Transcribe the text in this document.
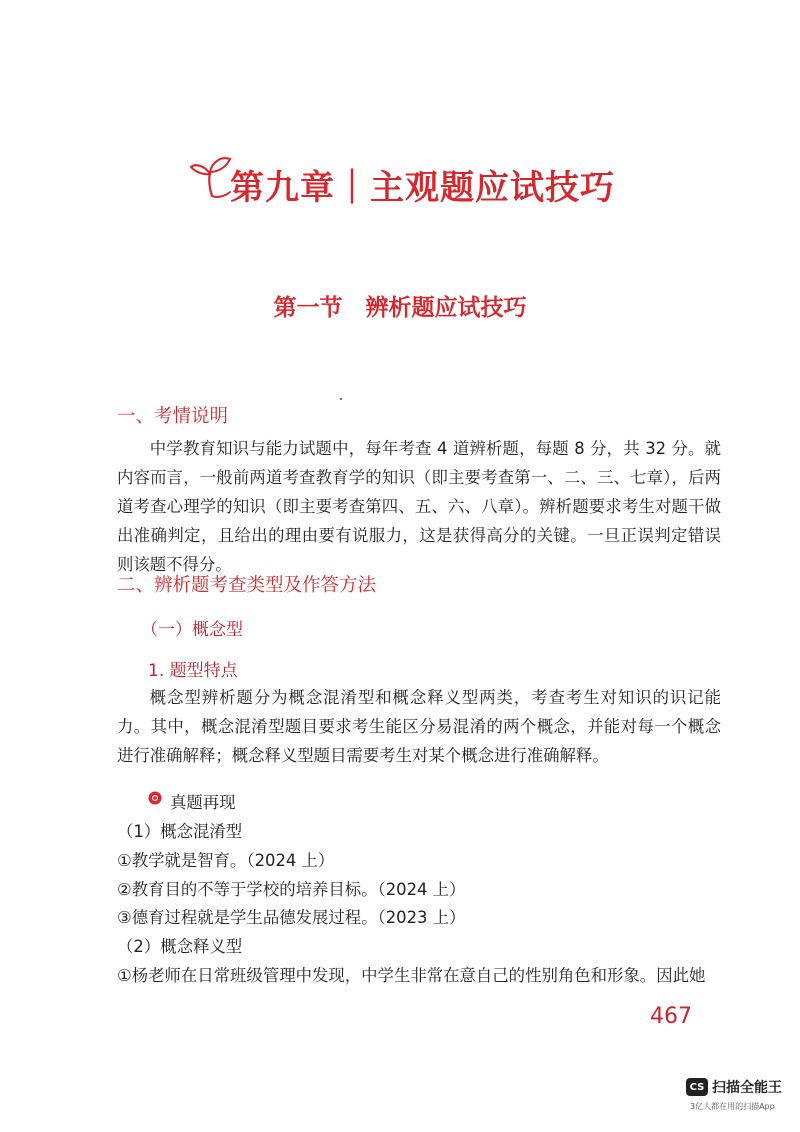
第九章｜主观题应试技巧
第一节　辨析题应试技巧
一、考情说明
中学教育知识与能力试题中，每年考查 4 道辨析题，每题 8 分，共 32 分。就内容而言，一般前两道考查教育学的知识（即主要考查第一、二、三、七章），后两道考查心理学的知识（即主要考查第四、五、六、八章）。辨析题要求考生对题干做出准确判定，且给出的理由要有说服力，这是获得高分的关键。一旦正误判定错误则该题不得分。
二、辨析题考查类型及作答方法
（一）概念型
1. 题型特点
概念型辨析题分为概念混淆型和概念释义型两类，考查考生对知识的识记能力。其中，概念混淆型题目要求考生能区分易混淆的两个概念，并能对每一个概念进行准确解释；概念释义型题目需要考生对某个概念进行准确解释。
真题再现
（1）概念混淆型
①教学就是智育。（2024 上）
②教育目的不等于学校的培养目标。（2024 上）
③德育过程就是学生品德发展过程。（2023 上）
（2）概念释义型
①杨老师在日常班级管理中发现，中学生非常在意自己的性别角色和形象。因此她
467
CS 扫描全能王
3亿人都在用的扫描App
